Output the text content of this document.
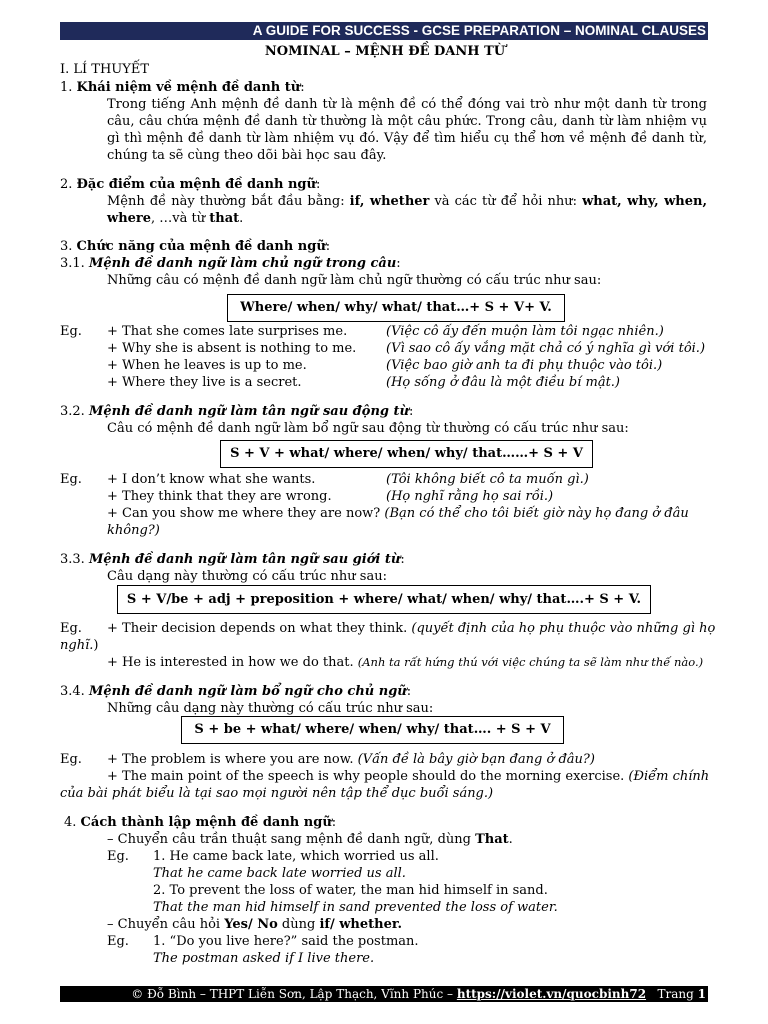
A GUIDE FOR SUCCESS - GCSE PREPARATION – NOMINAL CLAUSES
NOMINAL – MỆNH ĐỀ DANH TỪ
I. LÍ THUYẾT
1. Khái niệm về mệnh đề danh từ:
Trong tiếng Anh mệnh đề danh từ là mệnh đề có thể đóng vai trò như một danh từ trong câu, câu chứa mệnh đề danh từ thường là một câu phức. Trong câu, danh từ làm nhiệm vụ gì thì mệnh đề danh từ làm nhiệm vụ đó. Vậy để tìm hiểu cụ thể hơn về mệnh đề danh từ, chúng ta sẽ cùng theo dõi bài học sau đây.
2. Đặc điểm của mệnh đề danh ngữ:
Mệnh đề này thường bắt đầu bằng: if, whether và các từ để hỏi như: what, why, when, where, …và từ that.
3. Chức năng của mệnh đề danh ngữ:
3.1. Mệnh đề danh ngữ làm chủ ngữ trong câu:
Những câu có mệnh đề danh ngữ làm chủ ngữ thường có cấu trúc như sau:
Where/ when/ why/ what/ that…+ S + V+ V.
Eg. + That she comes late surprises me.	(Việc cô ấy đến muộn làm tôi ngạc nhiên.)
+ Why she is absent is nothing to me. (Vì sao cô ấy vắng mặt chả có ý nghĩa gì với tôi.)
+ When he leaves is up to me.	(Việc bao giờ anh ta đi phụ thuộc vào tôi.)
+ Where they live is a secret.	(Họ sống ở đâu là một điều bí mật.)
3.2. Mệnh đề danh ngữ làm tân ngữ sau động từ:
Câu có mệnh đề danh ngữ làm bổ ngữ sau động từ thường có cấu trúc như sau:
S + V + what/ where/ when/ why/ that……+ S + V
Eg. + I don’t know what she wants.	(Tôi không biết cô ta muốn gì.)
+ They think that they are wrong.	(Họ nghĩ rằng họ sai rồi.)
+ Can you show me where they are now? (Bạn có thể cho tôi biết giờ này họ đang ở đâu
không?)
3.3. Mệnh đề danh ngữ làm tân ngữ sau giới từ:
Câu dạng này thường có cấu trúc như sau:
S + V/be + adj + preposition + where/ what/ when/ why/ that….+ S + V.
Eg. + Their decision depends on what they think. (quyết định của họ phụ thuộc vào những gì họ
nghĩ.)
+ He is interested in how we do that. (Anh ta rất hứng thú với việc chúng ta sẽ làm như thế nào.)
3.4. Mệnh đề danh ngữ làm bổ ngữ cho chủ ngữ:
Những câu dạng này thường có cấu trúc như sau:
S + be + what/ where/ when/ why/ that…. + S + V
Eg. + The problem is where you are now. (Vấn đề là bây giờ bạn đang ở đâu?)
+ The main point of the speech is why people should do the morning exercise. (Điểm chính
của bài phát biểu là tại sao mọi người nên tập thể dục buổi sáng.)
4. Cách thành lập mệnh đề danh ngữ:
– Chuyển câu trần thuật sang mệnh đề danh ngữ, dùng That.
Eg. 1. He came back late, which worried us all.
That he came back late worried us all.
2. To prevent the loss of water, the man hid himself in sand.
That the man hid himself in sand prevented the loss of water.
– Chuyển câu hỏi Yes/ No dùng if/ whether.
Eg. 1. “Do you live here?” said the postman.
The postman asked if I live there.
© Đỗ Bình – THPT Liễn Sơn, Lập Thạch, Vĩnh Phúc – https://violet.vn/quocbinh72 Trang 1
